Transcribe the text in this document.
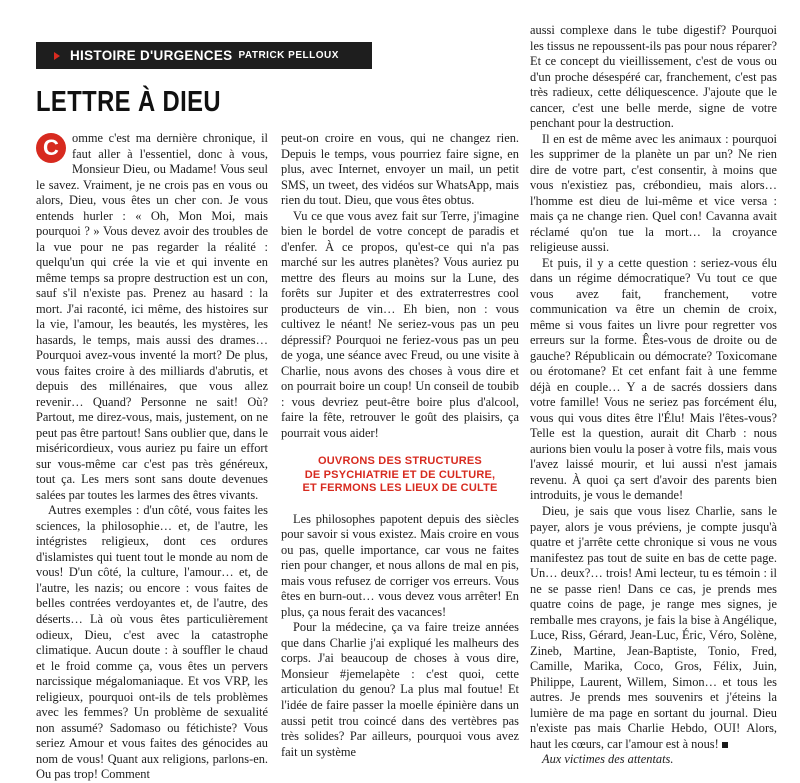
HISTOIRE D'URGENCES PATRICK PELLOUX
LETTRE À DIEU
C	omme c'est ma dernière chronique, il faut aller à l'essentiel, donc à vous, Monsieur Dieu, ou Madame! Vous seul le savez. Vraiment, je ne crois pas en vous ou alors, Dieu, vous êtes un cher con. Je vous entends hurler : « Oh, Mon Moi, mais pourquoi ? » Vous devez avoir des troubles de la vue pour ne pas regarder la réalité : quelqu'un qui crée la vie et qui invente en même temps sa propre destruction est un con, sauf s'il n'existe pas. Prenez au hasard : la mort. J'ai raconté, ici même, des histoires sur la vie, l'amour, les beautés, les mystères, les hasards, le temps, mais aussi des drames… Pourquoi avez-vous inventé la mort? De plus, vous faites croire à des milliards d'abrutis, et depuis des millénaires, que vous allez revenir… Quand? Personne ne sait! Où? Partout, me direz-vous, mais, justement, on ne peut pas être partout! Sans oublier que, dans le miséricordieux, vous auriez pu faire un effort sur vous-même car c'est pas très généreux, tout ça. Les mers sont sans doute devenues salées par toutes les larmes des êtres vivants.

Autres exemples : d'un côté, vous faites les sciences, la philosophie… et, de l'autre, les intégristes religieux, dont ces ordures d'islamistes qui tuent tout le monde au nom de vous! D'un côté, la culture, l'amour… et, de l'autre, les nazis; ou encore : vous faites de belles contrées verdoyantes et, de l'autre, des déserts… Là où vous êtes particulièrement odieux, Dieu, c'est avec la catastrophe climatique. Aucun doute : à souffler le chaud et le froid comme ça, vous êtes un pervers narcissique mégalomaniaque. Et vos VRP, les religieux, pourquoi ont-ils de tels problèmes avec les femmes? Un problème de sexualité non assumé? Sadomaso ou fétichiste? Vous seriez Amour et vous faites des génocides au nom de vous! Quant aux religions, parlons-en. Ou pas trop! Comment

peut-on croire en vous, qui ne changez rien. Depuis le temps, vous pourriez faire signe, en plus, avec Internet, envoyer un mail, un petit SMS, un tweet, des vidéos sur WhatsApp, mais rien du tout. Dieu, que vous êtes obtus.

Vu ce que vous avez fait sur Terre, j'imagine bien le bordel de votre concept de paradis et d'enfer. À ce propos, qu'est-ce qui n'a pas marché sur les autres planètes? Vous auriez pu mettre des fleurs au moins sur la Lune, des forêts sur Jupiter et des extraterrestres cool producteurs de vin… Eh bien, non : vous cultivez le néant! Ne seriez-vous pas un peu dépressif? Pourquoi ne feriez-vous pas un peu de yoga, une séance avec Freud, ou une visite à Charlie, nous avons des choses à vous dire et on pourrait boire un coup! Un conseil de toubib : vous devriez peut-être boire plus d'alcool, faire la fête, retrouver le goût des plaisirs, ça pourrait vous aider!

OUVRONS DES STRUCTURES
DE PSYCHIATRIE ET DE CULTURE,
ET FERMONS LES LIEUX DE CULTE

Les philosophes papotent depuis des siècles pour savoir si vous existez. Mais croire en vous ou pas, quelle importance, car vous ne faites rien pour changer, et nous allons de mal en pis, mais vous refusez de corriger vos erreurs. Vous êtes en burn-out… vous devez vous arrêter! En plus, ça nous ferait des vacances!

Pour la médecine, ça va faire treize années que dans Charlie j'ai expliqué les malheurs des corps. J'ai beaucoup de choses à vous dire, Monsieur #jemelapète : c'est quoi, cette articulation du genou? La plus mal foutue! Et l'idée de faire passer la moelle épinière dans un aussi petit trou coincé dans des vertèbres pas très solides? Par ailleurs, pourquoi vous avez fait un système

aussi complexe dans le tube digestif? Pourquoi les tissus ne repoussent-ils pas pour nous réparer? Et ce concept du vieillissement, c'est de vous ou d'un proche désespéré car, franchement, c'est pas très radieux, cette déliquescence. J'ajoute que le cancer, c'est une belle merde, signe de votre penchant pour la destruction.

Il en est de même avec les animaux : pourquoi les supprimer de la planète un par un? Ne rien dire de votre part, c'est consentir, à moins que vous n'existiez pas, crébondieu, mais alors… l'homme est dieu de lui-même et vice versa : mais ça ne change rien. Quel con! Cavanna avait réclamé qu'on tue la mort… la croyance religieuse aussi.

Et puis, il y a cette question : seriez-vous élu dans un régime démocratique? Vu tout ce que vous avez fait, franchement, votre communication va être un chemin de croix, même si vous faites un livre pour regretter vos erreurs sur la forme. Êtes-vous de droite ou de gauche? Républicain ou démocrate? Toxicomane ou érotomane? Et cet enfant fait à une femme déjà en couple… Y a de sacrés dossiers dans votre famille! Vous ne seriez pas forcément élu, vous qui vous dites être l'Élu! Mais l'êtes-vous? Telle est la question, aurait dit Charb : nous aurions bien voulu la poser à votre fils, mais vous l'avez laissé mourir, et lui aussi n'est jamais revenu. À quoi ça sert d'avoir des parents bien introduits, je vous le demande!

Dieu, je sais que vous lisez Charlie, sans le payer, alors je vous préviens, je compte jusqu'à quatre et j'arrête cette chronique si vous ne vous manifestez pas tout de suite en bas de cette page. Un… deux?… trois! Ami lecteur, tu es témoin : il ne se passe rien! Dans ce cas, je prends mes quatre coins de page, je range mes signes, je remballe mes crayons, je fais la bise à Angélique, Luce, Riss, Gérard, Jean-Luc, Éric, Véro, Solène, Zineb, Martine, Jean-Baptiste, Tonio, Fred, Camille, Marika, Coco, Gros, Félix, Juin, Philippe, Laurent, Willem, Simon… et tous les autres. Je prends mes souvenirs et j'éteins la lumière de ma page en sortant du journal. Dieu n'existe pas mais Charlie Hebdo, OUI! Alors, haut les cœurs, car l'amour est à nous!

Aux victimes des attentats.
